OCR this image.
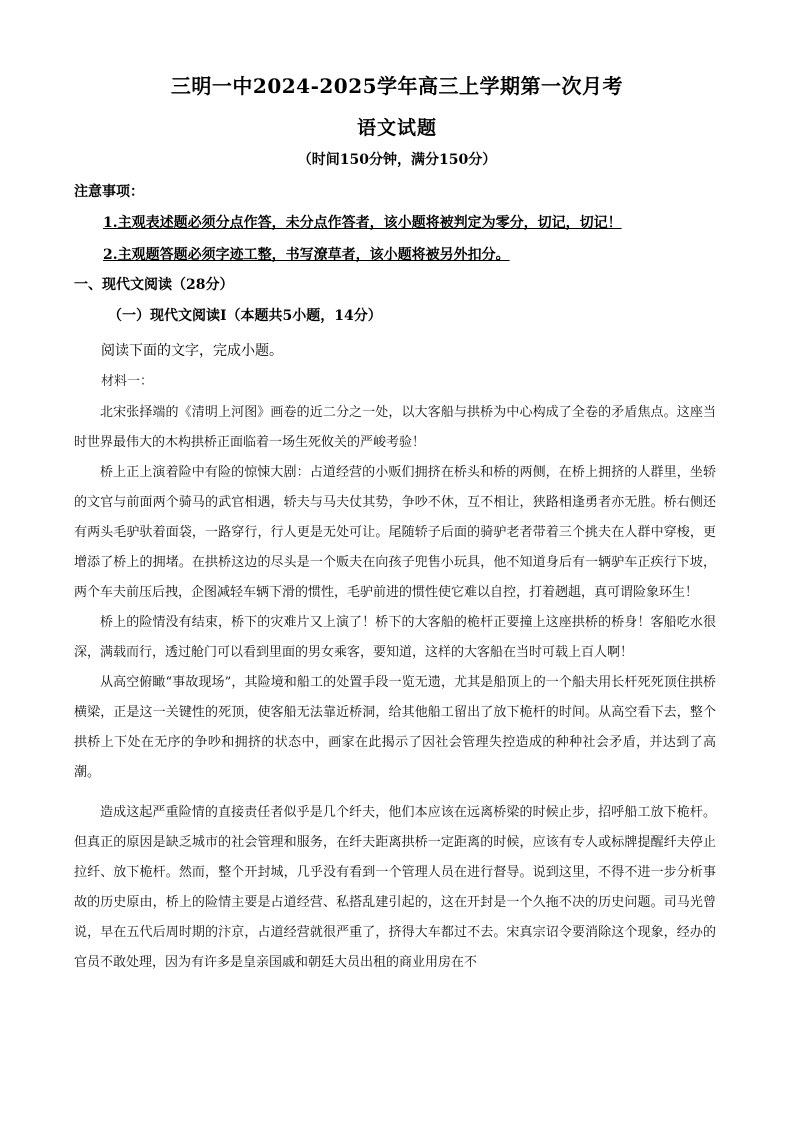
三明一中2024-2025学年高三上学期第一次月考
语文试题
（时间150分钟，满分150分）
注意事项：
1.主观表述题必须分点作答，未分点作答者，该小题将被判定为零分，切记，切记！
2.主观题答题必须字迹工整，书写潦草者，该小题将被另外扣分。
一、现代文阅读（28分）
（一）现代文阅读Ⅰ（本题共5小题，14分）
阅读下面的文字，完成小题。
材料一：

北宋张择端的《清明上河图》画卷的近二分之一处，以大客船与拱桥为中心构成了全卷的矛盾焦点。这座当时世界最伟大的木构拱桥正面临着一场生死攸关的严峻考验！

桥上正上演着险中有险的惊悚大剧：占道经营的小贩们拥挤在桥头和桥的两侧，在桥上拥挤的人群里，坐轿的文官与前面两个骑马的武官相遇，轿夫与马夫仗其势，争吵不休，互不相让，狭路相逢勇者亦无胜。桥右侧还有两头毛驴驮着面袋，一路穿行，行人更是无处可让。尾随轿子后面的骑驴老者带着三个挑夫在人群中穿梭，更增添了桥上的拥堵。在拱桥这边的尽头是一个贩夫在向孩子兜售小玩具，他不知道身后有一辆驴车正疾行下坡，两个车夫前压后拽，企图减轻车辆下滑的惯性，毛驴前进的惯性使它难以自控，打着趔趄，真可谓险象环生！

桥上的险情没有结束，桥下的灾难片又上演了！桥下的大客船的桅杆正要撞上这座拱桥的桥身！客船吃水很深，满载而行，透过舱门可以看到里面的男女乘客，要知道，这样的大客船在当时可载上百人啊！

从高空俯瞰“事故现场”，其险境和船工的处置手段一览无遗，尤其是船顶上的一个船夫用长杆死死顶住拱桥横梁，正是这一关键性的死顶，使客船无法靠近桥洞，给其他船工留出了放下桅杆的时间。从高空看下去，整个拱桥上下处在无序的争吵和拥挤的状态中，画家在此揭示了因社会管理失控造成的种种社会矛盾，并达到了高潮。

造成这起严重险情的直接责任者似乎是几个纤夫，他们本应该在远离桥梁的时候止步，招呼船工放下桅杆。但真正的原因是缺乏城市的社会管理和服务，在纤夫距离拱桥一定距离的时候，应该有专人或标牌提醒纤夫停止拉纤、放下桅杆。然而，整个开封城，几乎没有看到一个管理人员在进行督导。说到这里，不得不进一步分析事故的历史原由，桥上的险情主要是占道经营、私搭乱建引起的，这在开封是一个久拖不决的历史问题。司马光曾说，早在五代后周时期的汴京，占道经营就很严重了，挤得大车都过不去。宋真宗诏令要消除这个现象，经办的官员不敢处理，因为有许多是皇亲国戚和朝廷大员出租的商业用房在不
